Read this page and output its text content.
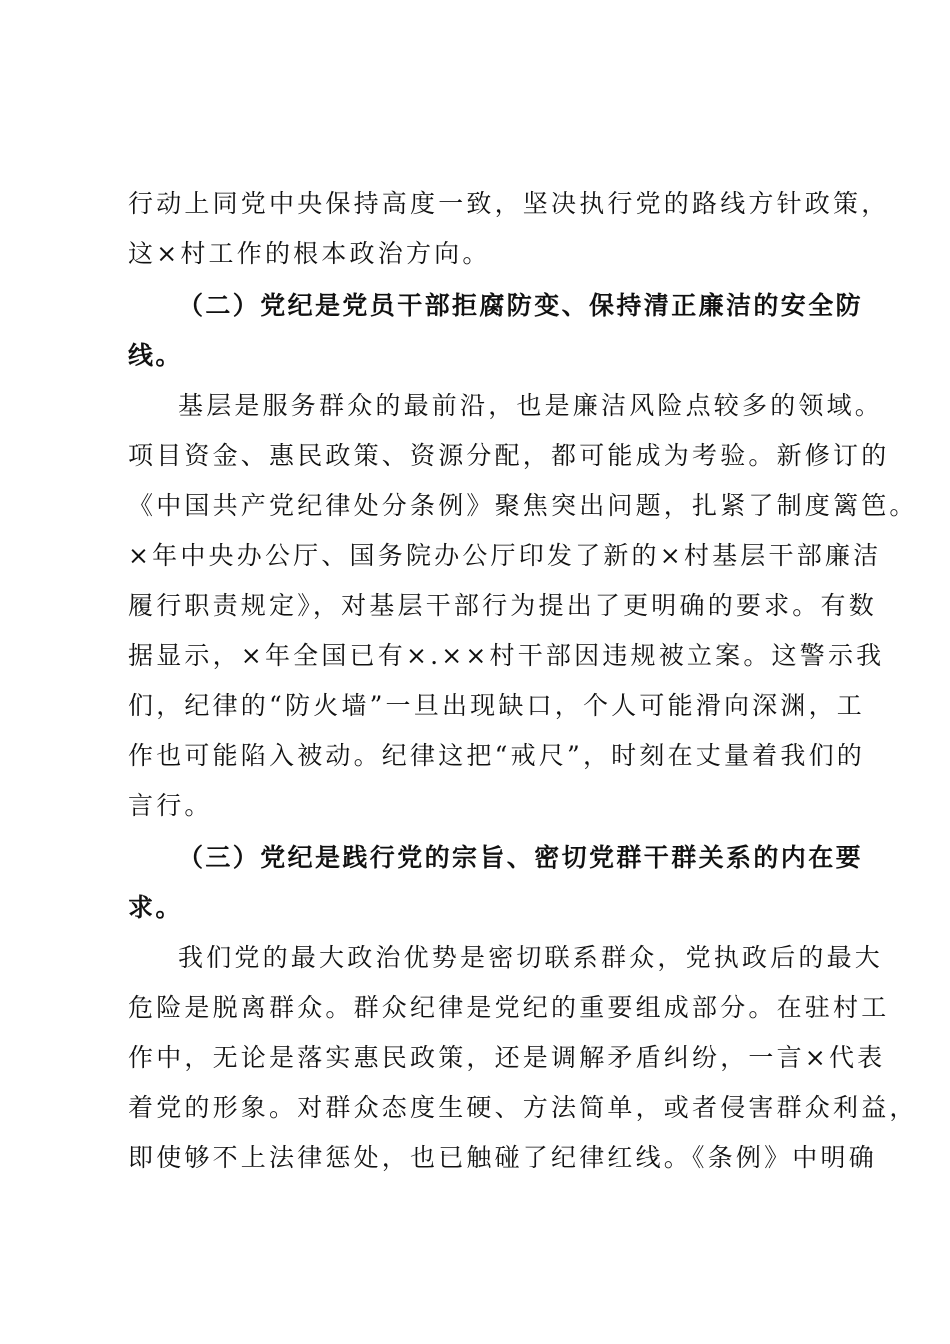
行动上同党中央保持高度一致，坚决执行党的路线方针政策，
这×村工作的根本政治方向。
（二）党纪是党员干部拒腐防变、保持清正廉洁的安全防
线。
基层是服务群众的最前沿，也是廉洁风险点较多的领域。
项目资金、惠民政策、资源分配，都可能成为考验。新修订的
《中国共产党纪律处分条例》聚焦突出问题，扎紧了制度篱笆。
×年中央办公厅、国务院办公厅印发了新的×村基层干部廉洁
履行职责规定》，对基层干部行为提出了更明确的要求。有数
据显示，×年全国已有×.××村干部因违规被立案。这警示我
们，纪律的“防火墙”一旦出现缺口，个人可能滑向深渊，工
作也可能陷入被动。纪律这把“戒尺”，时刻在丈量着我们的
言行。
（三）党纪是践行党的宗旨、密切党群干群关系的内在要
求。
我们党的最大政治优势是密切联系群众，党执政后的最大
危险是脱离群众。群众纪律是党纪的重要组成部分。在驻村工
作中，无论是落实惠民政策，还是调解矛盾纠纷，一言×代表
着党的形象。对群众态度生硬、方法简单，或者侵害群众利益，
即使够不上法律惩处，也已触碰了纪律红线。《条例》中明确
